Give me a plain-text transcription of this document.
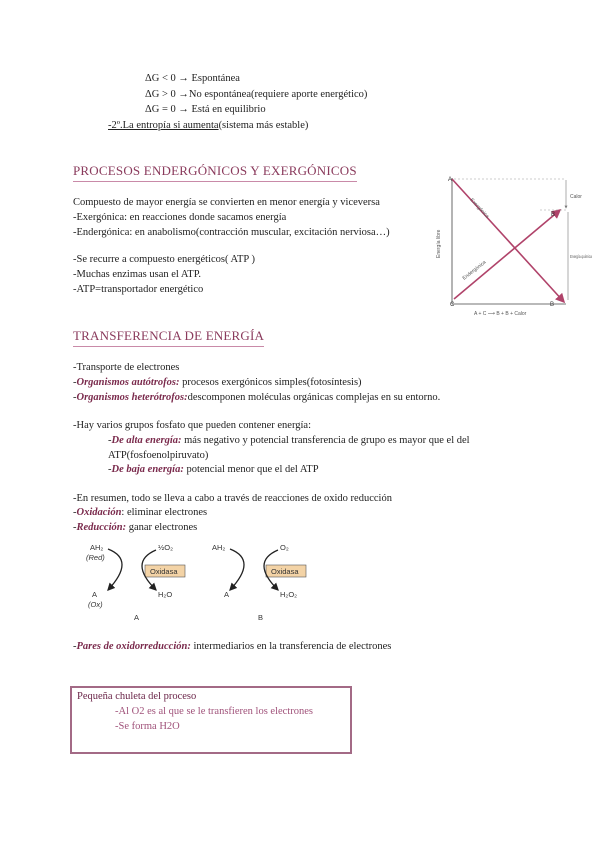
ΔG < 0 → Espontánea
ΔG > 0 →No espontánea(requiere aporte energético)
ΔG = 0 → Está en equilibrio
-2º.La entropía si aumenta(sistema más estable)
PROCESOS ENDERGÓNICOS Y EXERGÓNICOS
Compuesto de mayor energía se convierten en menor energía y viceversa
-Exergónica: en reacciones donde sacamos energía
-Endergónica: en anabolismo(contracción muscular, excitación nerviosa…)
-Se recurre a compuesto energéticos( ATP )
-Muchas enzimas usan el ATP.
-ATP=transportador energético
A
B
C	B
Exergónica
Endergónica
Calor
Energía química
Energía libre
A + C ⟶ B + B + Calor
TRANSFERENCIA DE ENERGÍA
-Transporte de electrones
-Organismos autótrofos: procesos exergónicos simples(fotosíntesis)
-Organismos heterótrofos:descomponen moléculas orgánicas complejas en su entorno.
-Hay varios grupos fosfato que pueden contener energía:
-De alta energía: más negativo y potencial transferencia de grupo es mayor que el del
ATP(fosfoenolpiruvato)
-De baja energía: potencial menor que el del ATP
-En resumen, todo se lleva a cabo a través de reacciones de oxido reducción
-Oxidación: eliminar electrones
-Reducción: ganar electrones
AH₂
(Red)
½O₂
Oxidasa
A
(Ox)
H₂O
A
AH₂	O₂
Oxidasa
A	H₂O₂
B
-Pares de oxidorreducción: intermediarios en la transferencia de electrones
Pequeña chuleta del proceso
-Al O2 es al que se le transfieren los electrones
-Se forma H2O
